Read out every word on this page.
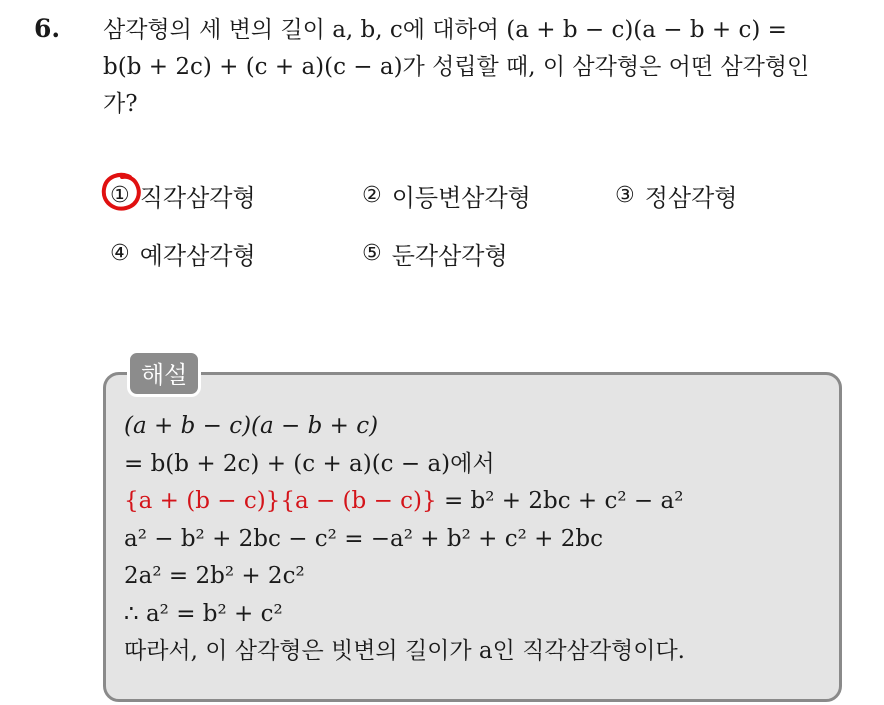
6. 삼각형의 세 변의 길이 a, b, c에 대하여 (a + b − c)(a − b + c) =
b(b + 2c) + (c + a)(c − a)가 성립할 때, 이 삼각형은 어떤 삼각형인
가?
① 직각삼각형	② 이등변삼각형	③ 정삼각형
④ 예각삼각형	⑤ 둔각삼각형
해설
(a + b − c)(a − b + c)
= b(b + 2c) + (c + a)(c − a)에서
{a + (b − c)}{a − (b − c)} = b² + 2bc + c² − a²
a² − b² + 2bc − c² = −a² + b² + c² + 2bc
2a² = 2b² + 2c²
∴ a² = b² + c²
따라서, 이 삼각형은 빗변의 길이가 a인 직각삼각형이다.
